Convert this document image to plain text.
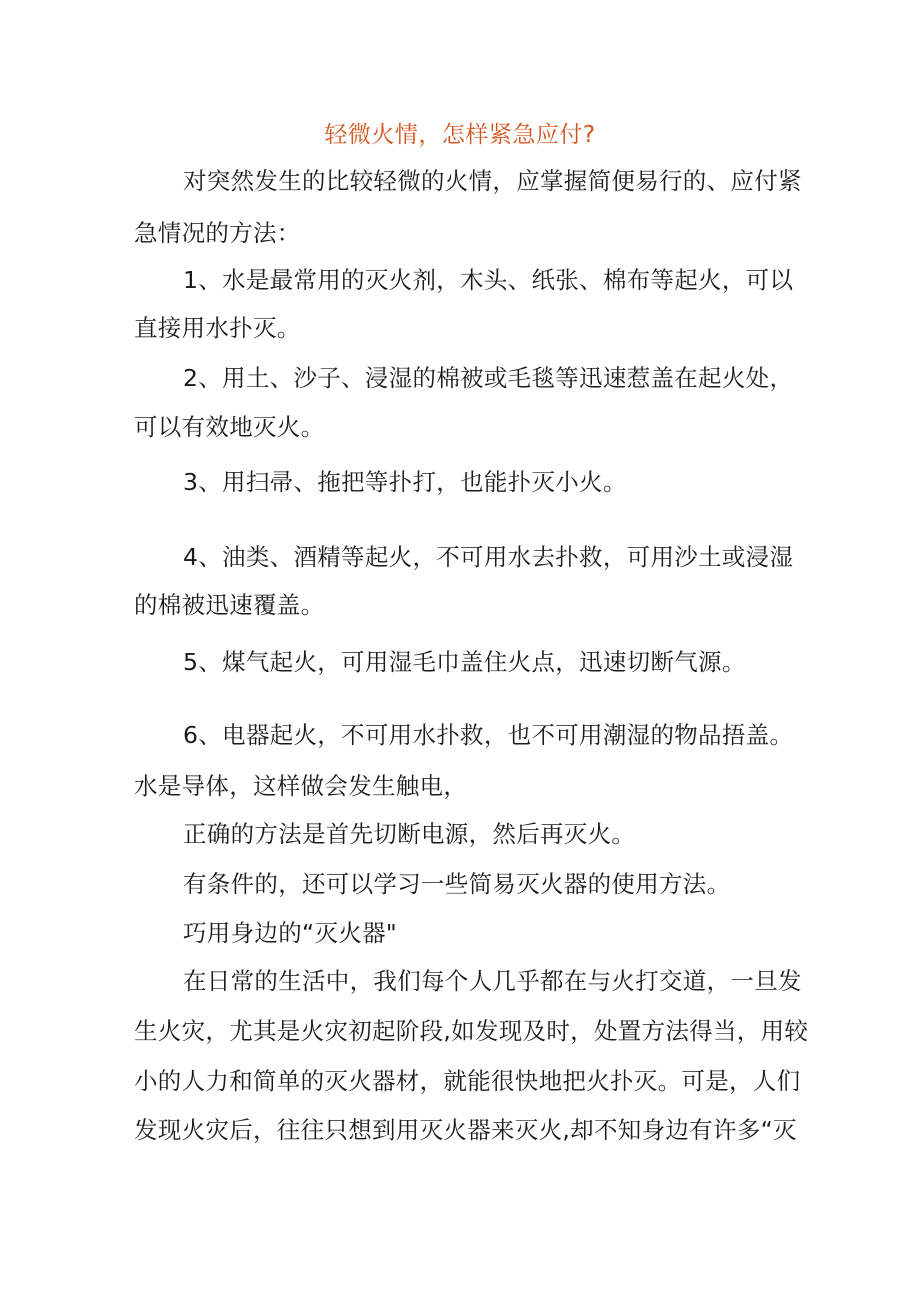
轻微火情，怎样紧急应付?
对突然发生的比较轻微的火情，应掌握简便易行的、应付紧
急情况的方法：
1、水是最常用的灭火剂，木头、纸张、棉布等起火，可以
直接用水扑灭。
2、用土、沙子、浸湿的棉被或毛毯等迅速惹盖在起火处，
可以有效地灭火。
3、用扫帚、拖把等扑打，也能扑灭小火。
4、油类、酒精等起火，不可用水去扑救，可用沙土或浸湿
的棉被迅速覆盖。
5、煤气起火，可用湿毛巾盖住火点，迅速切断气源。
6、电器起火，不可用水扑救，也不可用潮湿的物品捂盖。
水是导体，这样做会发生触电，
正确的方法是首先切断电源，然后再灭火。
有条件的，还可以学习一些简易灭火器的使用方法。
巧用身边的“灭火器"
在日常的生活中，我们每个人几乎都在与火打交道，一旦发
生火灾，尤其是火灾初起阶段,如发现及时，处置方法得当，用较
小的人力和简单的灭火器材，就能很快地把火扑灭。可是，人们
发现火灾后，往往只想到用灭火器来灭火,却不知身边有许多“灭
